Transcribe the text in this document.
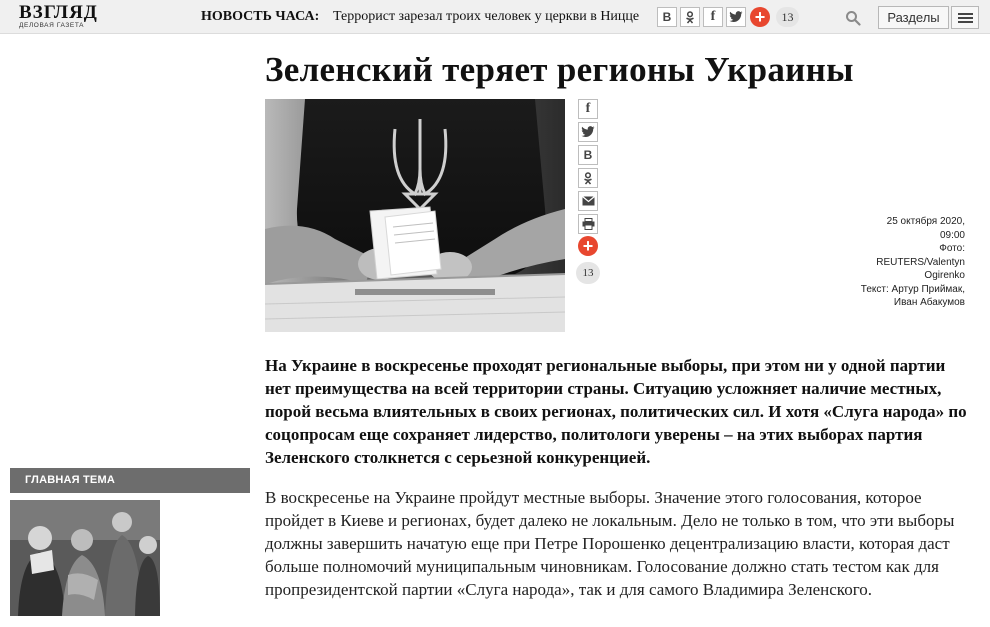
ВЗГЛЯД
ДЕЛОВАЯ ГАЗЕТА
НОВОСТЬ ЧАСА: Террорист зарезал троих человек у церкви в Ницце	В	f	+	13	Разделы
Зеленский теряет регионы Украины
f
В
+
13
25 октября 2020,
09:00
Фото:
REUTERS/Valentyn Ogirenko
Текст: Артур Приймак, Иван Абакумов

На Украине в воскресенье проходят региональные выборы, при этом ни у одной партии нет преимущества на всей территории страны. Ситуацию усложняет наличие местных, порой весьма влиятельных в своих регионах, политических сил. И хотя «Слуга народа» по соцопросам еще сохраняет лидерство, политологи уверены – на этих выборах партия Зеленского столкнется с серьезной конкуренцией.

В воскресенье на Украине пройдут местные выборы. Значение этого голосования, которое пройдет в Киеве и регионах, будет далеко не локальным. Дело не только в том, что эти выборы должны завершить начатую еще при Петре Порошенко децентрализацию власти, которая даст больше полномочий муниципальным чиновникам. Голосование должно стать тестом как для пропрезидентской партии «Слуга народа», так и для самого Владимира Зеленского.

ГЛАВНАЯ ТЕМА
